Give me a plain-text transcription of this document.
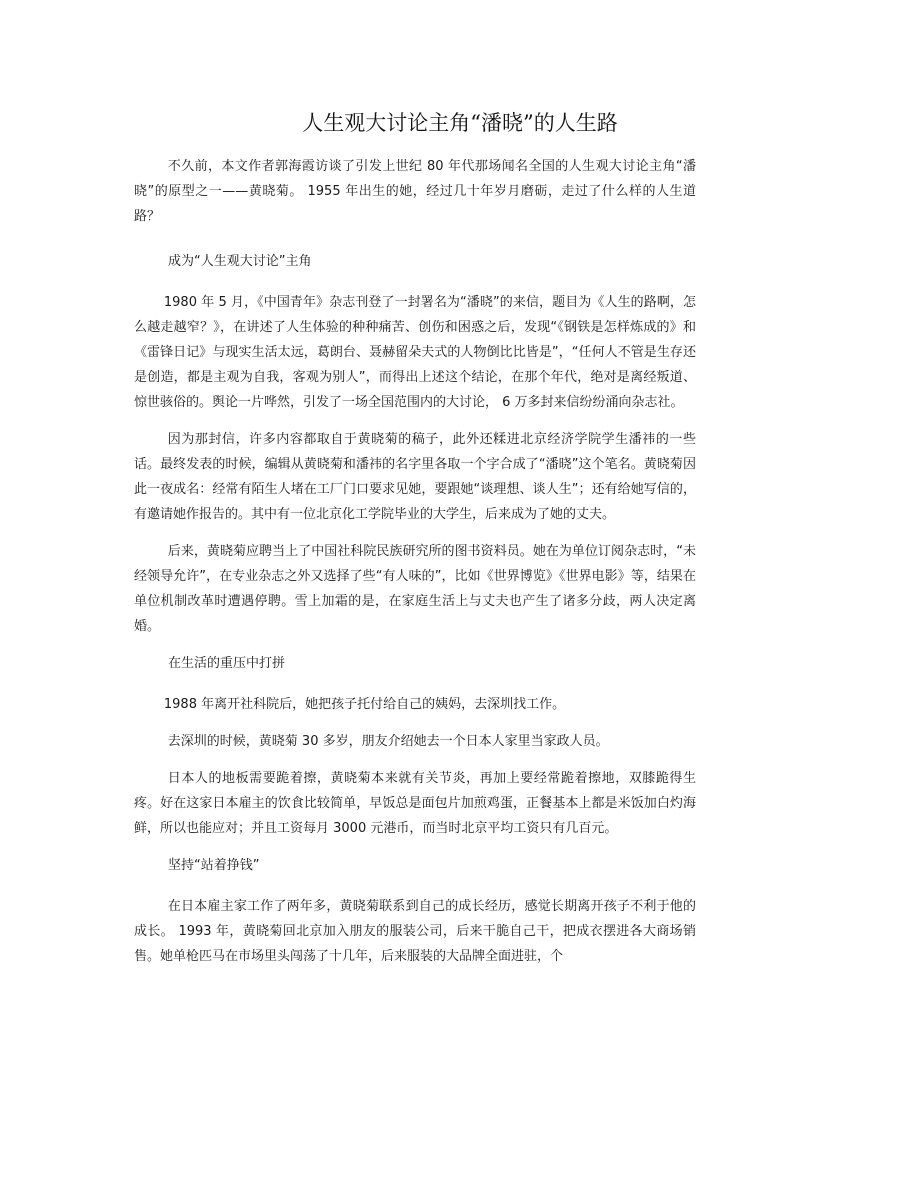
人生观大讨论主角“潘晓”的人生路

不久前，本文作者郭海霞访谈了引发上世纪 80 年代那场闻名全国的人生观大讨论主角“潘晓”的原型之一——黄晓菊。 1955 年出生的她，经过几十年岁月磨砺，走过了什么样的人生道路？

成为“人生观大讨论”主角

1980 年 5 月，《中国青年》杂志刊登了一封署名为“潘晓”的来信，题目为《人生的路啊，怎么越走越窄？》，在讲述了人生体验的种种痛苦、创伤和困惑之后，发现“《钢铁是怎样炼成的》和《雷锋日记》与现实生活太远，葛朗台、聂赫留朵夫式的人物倒比比皆是”，“任何人不管是生存还是创造，都是主观为自我，客观为别人”，而得出上述这个结论，在那个年代，绝对是离经叛道、惊世骇俗的。舆论一片哗然，引发了一场全国范围内的大讨论， 6 万多封来信纷纷涌向杂志社。

因为那封信，许多内容都取自于黄晓菊的稿子，此外还糅进北京经济学院学生潘祎的一些话。最终发表的时候，编辑从黄晓菊和潘祎的名字里各取一个字合成了“潘晓”这个笔名。黄晓菊因此一夜成名：经常有陌生人堵在工厂门口要求见她，要跟她“谈理想、谈人生”；还有给她写信的，有邀请她作报告的。其中有一位北京化工学院毕业的大学生，后来成为了她的丈夫。

后来，黄晓菊应聘当上了中国社科院民族研究所的图书资料员。她在为单位订阅杂志时，“未经领导允许”，在专业杂志之外又选择了些“有人味的”，比如《世界博览》《世界电影》等，结果在单位机制改革时遭遇停聘。雪上加霜的是，在家庭生活上与丈夫也产生了诸多分歧，两人决定离婚。

在生活的重压中打拼

1988 年离开社科院后，她把孩子托付给自己的姨妈，去深圳找工作。

去深圳的时候，黄晓菊 30 多岁，朋友介绍她去一个日本人家里当家政人员。

日本人的地板需要跪着擦，黄晓菊本来就有关节炎，再加上要经常跪着擦地，双膝跪得生疼。好在这家日本雇主的饮食比较简单，早饭总是面包片加煎鸡蛋，正餐基本上都是米饭加白灼海鲜，所以也能应对；并且工资每月 3000 元港币，而当时北京平均工资只有几百元。

坚持“站着挣钱”

在日本雇主家工作了两年多，黄晓菊联系到自己的成长经历，感觉长期离开孩子不利于他的成长。 1993 年，黄晓菊回北京加入朋友的服装公司，后来干脆自己干，把成衣摆进各大商场销售。她单枪匹马在市场里头闯荡了十几年，后来服装的大品牌全面进驻，个
